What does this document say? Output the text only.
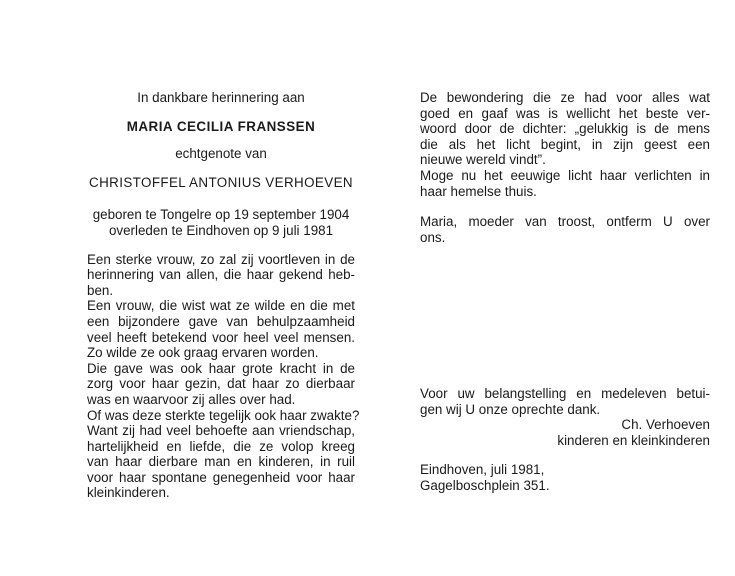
In dankbare herinnering aan
MARIA CECILIA FRANSSEN
echtgenote van
CHRISTOFFEL ANTONIUS VERHOEVEN
geboren te Tongelre op 19 september 1904
overleden te Eindhoven op 9 juli 1981
Een sterke vrouw, zo zal zij voortleven in de
herinnering van allen, die haar gekend heb-
ben.
Een vrouw, die wist wat ze wilde en die met
een bijzondere gave van behulpzaamheid
veel heeft betekend voor heel veel mensen.
Zo wilde ze ook graag ervaren worden.
Die gave was ook haar grote kracht in de
zorg voor haar gezin, dat haar zo dierbaar
was en waarvoor zij alles over had.
Of was deze sterkte tegelijk ook haar zwakte?
Want zij had veel behoefte aan vriendschap,
hartelijkheid en liefde, die ze volop kreeg
van haar dierbare man en kinderen, in ruil
voor haar spontane genegenheid voor haar
kleinkinderen.
De bewondering die ze had voor alles wat
goed en gaaf was is wellicht het beste ver-
woord door de dichter: „gelukkig is de mens
die als het licht begint, in zijn geest een
nieuwe wereld vindt”.
Moge nu het eeuwige licht haar verlichten in
haar hemelse thuis.
Maria, moeder van troost, ontferm U over
ons.
Voor uw belangstelling en medeleven betui-
gen wij U onze oprechte dank.
Ch. Verhoeven
kinderen en kleinkinderen
Eindhoven, juli 1981,
Gagelboschplein 351.
